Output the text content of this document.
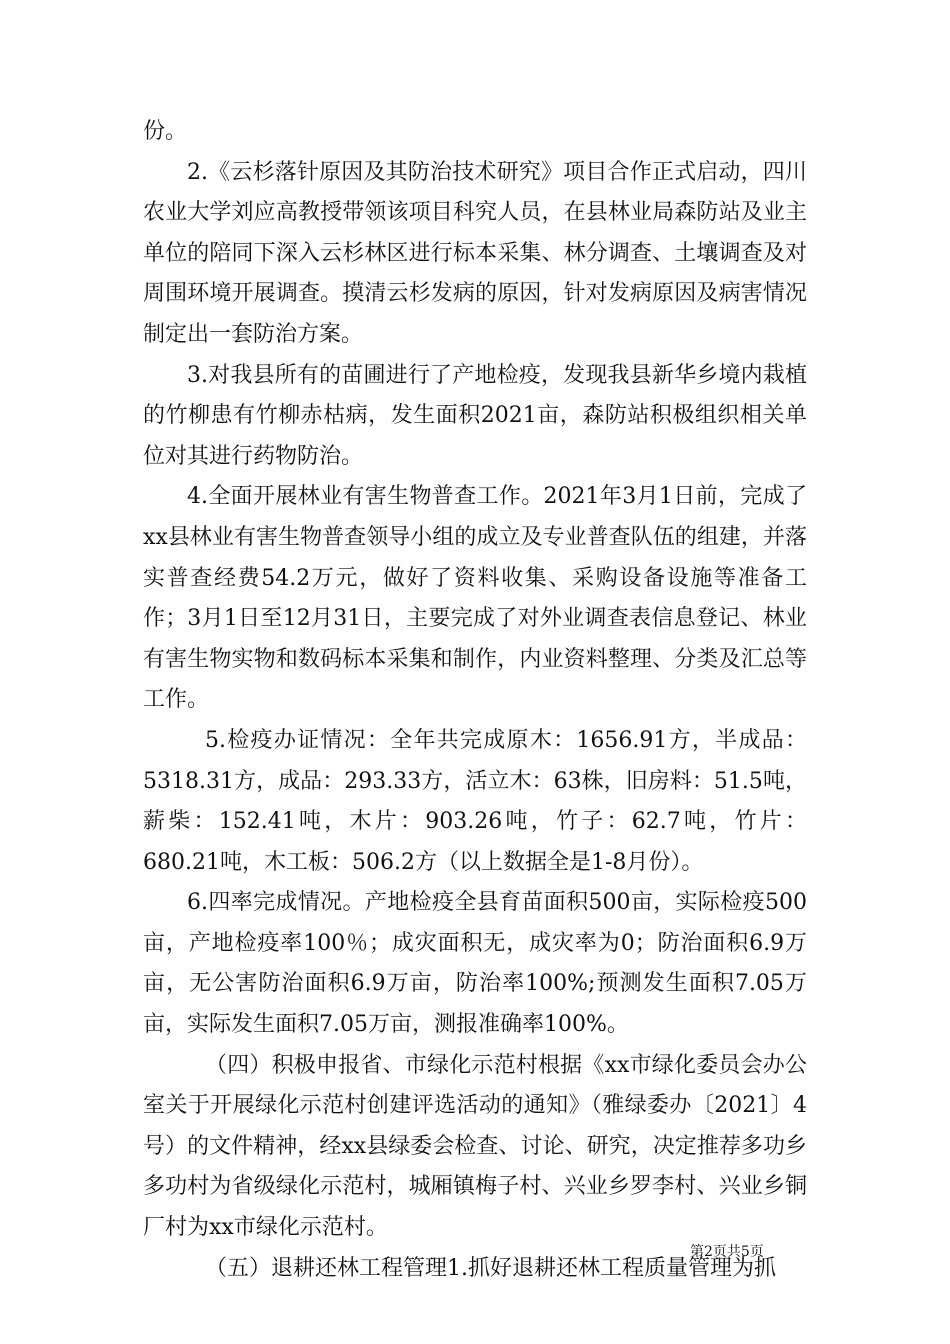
份。

2.《云杉落针原因及其防治技术研究》项目合作正式启动，四川农业大学刘应高教授带领该项目科究人员，在县林业局森防站及业主单位的陪同下深入云杉林区进行标本采集、林分调查、土壤调查及对周围环境开展调查。摸清云杉发病的原因，针对发病原因及病害情况制定出一套防治方案。

3.对我县所有的苗圃进行了产地检疫，发现我县新华乡境内栽植的竹柳患有竹柳赤枯病，发生面积2021亩，森防站积极组织相关单位对其进行药物防治。

4.全面开展林业有害生物普查工作。2021年3月1日前，完成了xx县林业有害生物普查领导小组的成立及专业普查队伍的组建，并落实普查经费54.2万元，做好了资料收集、采购设备设施等准备工作；3月1日至12月31日，主要完成了对外业调查表信息登记、林业有害生物实物和数码标本采集和制作，内业资料整理、分类及汇总等工作。

5.检疫办证情况：全年共完成原木：1656.91方，半成品：5318.31方，成品：293.33方，活立木：63株，旧房料：51.5吨，薪柴：152.41吨，木片：903.26吨，竹子：62.7吨，竹片：680.21吨，木工板：506.2方（以上数据全是1-8月份）。

6.四率完成情况。产地检疫全县育苗面积500亩，实际检疫500亩，产地检疫率100％；成灾面积无，成灾率为0；防治面积6.9万亩，无公害防治面积6.9万亩，防治率100%;预测发生面积7.05万亩，实际发生面积7.05万亩，测报准确率100%。

（四）积极申报省、市绿化示范村根据《xx市绿化委员会办公室关于开展绿化示范村创建评选活动的通知》（雅绿委办〔2021〕4号）的文件精神，经xx县绿委会检查、讨论、研究，决定推荐多功乡多功村为省级绿化示范村，城厢镇梅子村、兴业乡罗李村、兴业乡铜厂村为xx市绿化示范村。

（五）退耕还林工程管理1.抓好退耕还林工程质量管理为抓

第2页共5页
